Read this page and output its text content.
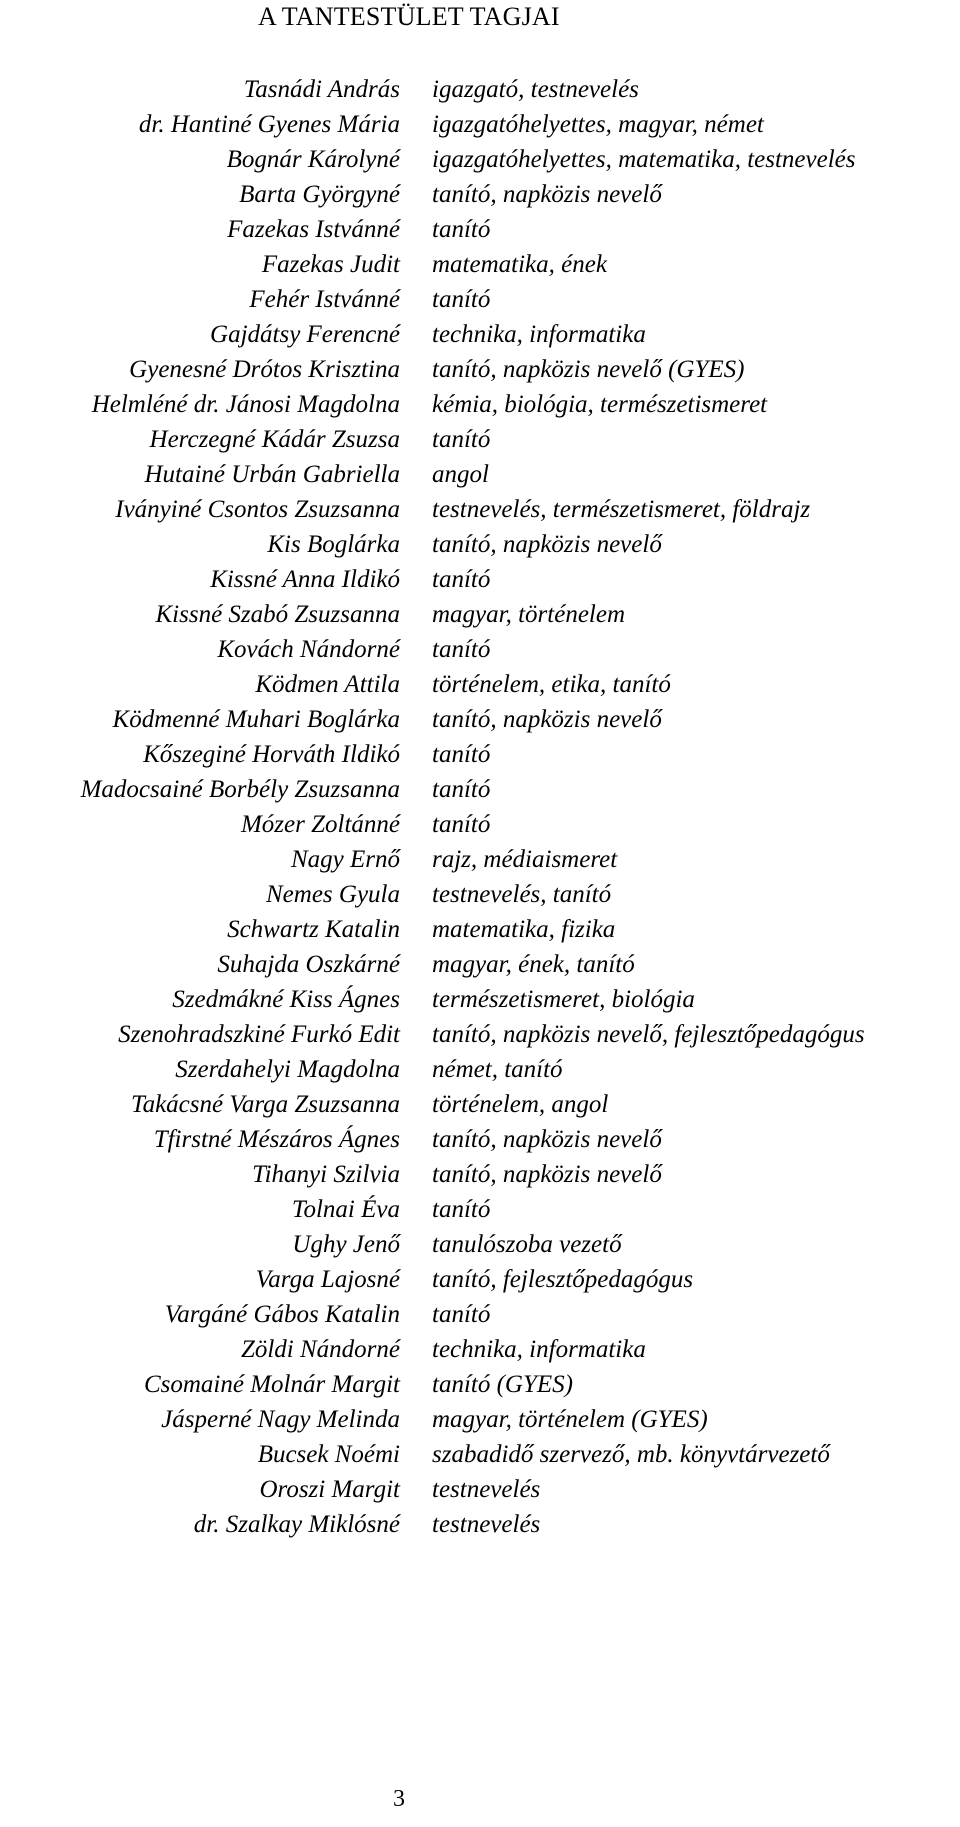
A TANTESTÜLET TAGJAI
Tasnádi András igazgató, testnevelés
dr. Hantiné Gyenes Mária igazgatóhelyettes, magyar, német
Bognár Károlyné igazgatóhelyettes, matematika, testnevelés
Barta Györgyné tanító, napközis nevelő
Fazekas Istvánné tanító
Fazekas Judit matematika, ének
Fehér Istvánné tanító
Gajdátsy Ferencné technika, informatika
Gyenesné Drótos Krisztina tanító, napközis nevelő (GYES)
Helmléné dr. Jánosi Magdolna kémia, biológia, természetismeret
Herczegné Kádár Zsuzsa tanító
Hutainé Urbán Gabriella angol
Iványiné Csontos Zsuzsanna testnevelés, természetismeret, földrajz
Kis Boglárka tanító, napközis nevelő
Kissné Anna Ildikó tanító
Kissné Szabó Zsuzsanna magyar, történelem
Kovách Nándorné tanító
Ködmen Attila történelem, etika, tanító
Ködmenné Muhari Boglárka tanító, napközis nevelő
Kőszeginé Horváth Ildikó tanító
Madocsainé Borbély Zsuzsanna tanító
Mózer Zoltánné tanító
Nagy Ernő rajz, médiaismeret
Nemes Gyula testnevelés, tanító
Schwartz Katalin matematika, fizika
Suhajda Oszkárné magyar, ének, tanító
Szedmákné Kiss Ágnes természetismeret, biológia
Szenohradszkiné Furkó Edit tanító, napközis nevelő, fejlesztőpedagógus
Szerdahelyi Magdolna német, tanító
Takácsné Varga Zsuzsanna történelem, angol
Tfirstné Mészáros Ágnes tanító, napközis nevelő
Tihanyi Szilvia tanító, napközis nevelő
Tolnai Éva tanító
Ughy Jenő tanulószoba vezető
Varga Lajosné tanító, fejlesztőpedagógus
Vargáné Gábos Katalin tanító
Zöldi Nándorné technika, informatika
Csomainé Molnár Margit tanító (GYES)
Jásperné Nagy Melinda magyar, történelem (GYES)
Bucsek Noémi szabadidő szervező, mb. könyvtárvezető
Oroszi Margit testnevelés
dr. Szalkay Miklósné testnevelés
3
